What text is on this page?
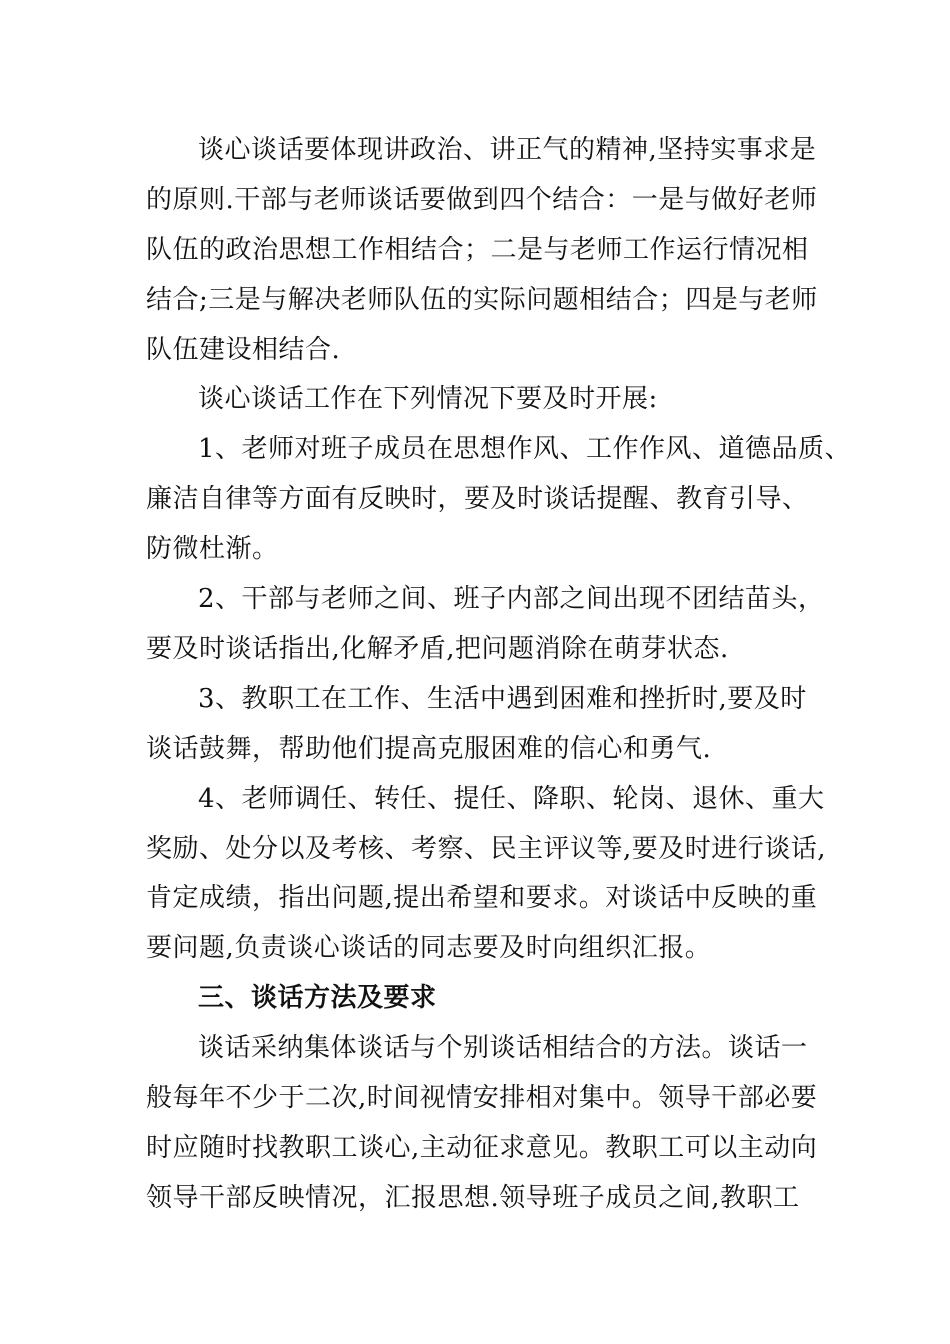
谈心谈话要体现讲政治、讲正气的精神,坚持实事求是
的原则.干部与老师谈话要做到四个结合：一是与做好老师
队伍的政治思想工作相结合；二是与老师工作运行情况相
结合;三是与解决老师队伍的实际问题相结合；四是与老师
队伍建设相结合.
谈心谈话工作在下列情况下要及时开展:
1、老师对班子成员在思想作风、工作作风、道德品质、
廉洁自律等方面有反映时，要及时谈话提醒、教育引导、
防微杜渐。
2、干部与老师之间、班子内部之间出现不团结苗头，
要及时谈话指出,化解矛盾,把问题消除在萌芽状态.
3、教职工在工作、生活中遇到困难和挫折时,要及时
谈话鼓舞，帮助他们提高克服困难的信心和勇气.
4、老师调任、转任、提任、降职、轮岗、退休、重大
奖励、处分以及考核、考察、民主评议等,要及时进行谈话,
肯定成绩，指出问题,提出希望和要求。对谈话中反映的重
要问题,负责谈心谈话的同志要及时向组织汇报。
三、谈话方法及要求
谈话采纳集体谈话与个别谈话相结合的方法。谈话一
般每年不少于二次,时间视情安排相对集中。领导干部必要
时应随时找教职工谈心,主动征求意见。教职工可以主动向
领导干部反映情况，汇报思想.领导班子成员之间,教职工
